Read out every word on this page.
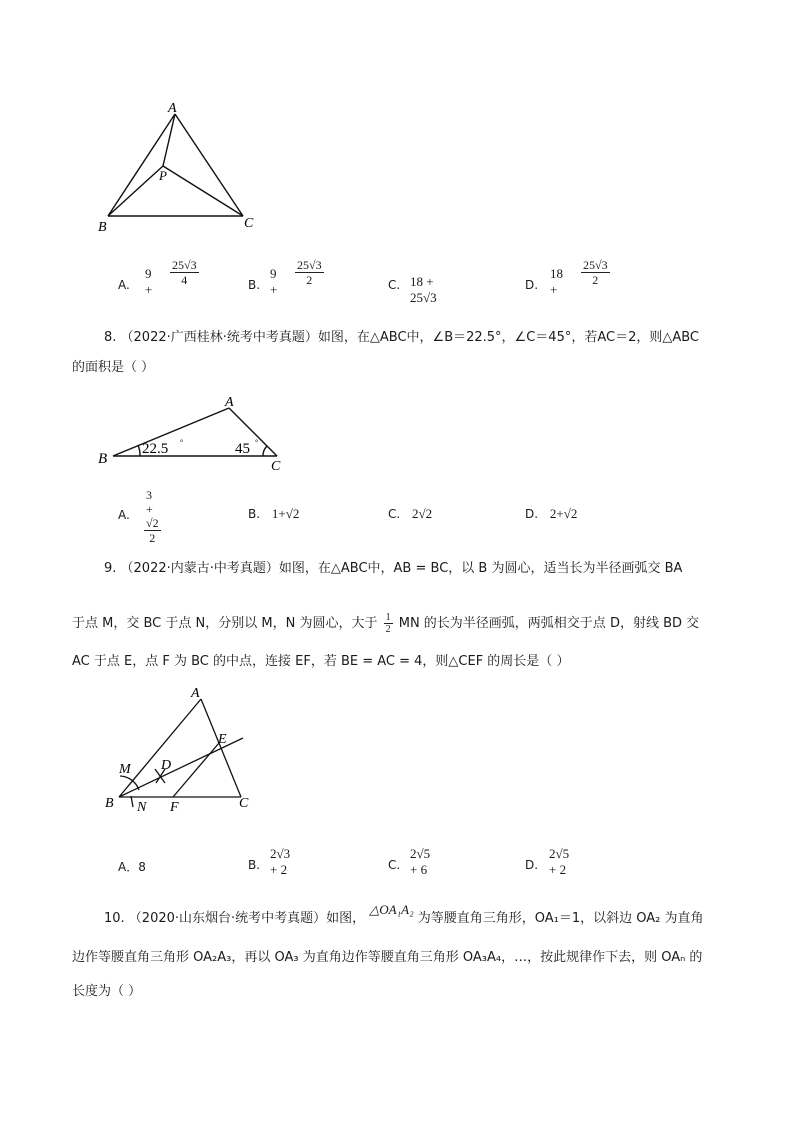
A
P
B	C
A.
9 +
$\frac{25√3}{4}$	B.
9 +
$\frac{25√3}{2}$	C. 18 + 25√3
D.
18 +
$\frac{25√3}{2}$
8. （2022·广西桂林·统考中考真题）如图，在△ABC中，∠B＝22.5°，∠C＝45°，若AC＝2，则△ABC
的面积是（ ）
A
B	C
22.5 °	45 °
A. $\frac{3 + √2}{2}$	B. 1+√2	C. 2√2	D. 2+√2
9. （2022·内蒙古·中考真题）如图，在△ABC中，AB = BC，以 B 为圆心，适当长为半径画弧交 BA
于点 M，交 BC 于点 N，分别以 M，N 为圆心，大于 $\frac{1}{2}$ MN 的长为半径画弧，两弧相交于点 D，射线 BD 交
AC 于点 E，点 F 为 BC 的中点，连接 EF，若 BE = AC = 4，则△CEF 的周长是（ ）
A
E
M D
B N F	C
A．8	B.
2√3 + 2	C.
2√5 + 6	D.
2√5 + 2
10. （2020·山东烟台·统考中考真题）如图， △OA₁A₂ 为等腰直角三角形，OA₁＝1，以斜边 OA₂ 为直角
边作等腰直角三角形 OA₂A₃，再以 OA₃ 为直角边作等腰直角三角形 OA₃A₄，…，按此规律作下去，则 OAₙ 的
长度为（ ）
